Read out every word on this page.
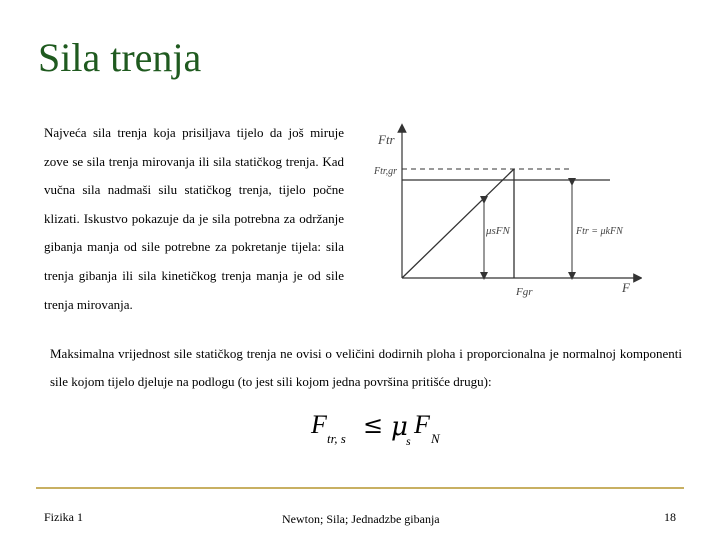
Sila trenja
Najveća sila trenja koja prisiljava tijelo da još miruje zove se sila trenja mirovanja ili sila statičkog trenja. Kad vučna sila nadmaši silu statičkog trenja, tijelo počne klizati. Iskustvo pokazuje da je sila potrebna za održanje gibanja manja od sile potrebne za pokretanje tijela: sila trenja gibanja ili sila kinetičkog trenja manja je od sile trenja mirovanja.
Ftr
Ftr,gr
μsFN	Ftr = μkFN
Fgr	F
Maksimalna vrijednost sile statičkog trenja ne ovisi o veličini dodirnih ploha i proporcionalna je normalnoj komponenti sile kojom tijelo djeluje na podlogu (to jest sili kojom jedna površina pritišće drugu):
F tr, s ≤ μ
s
F N
Fizika 1	Newton; Sila; Jednadzbe gibanja	18
